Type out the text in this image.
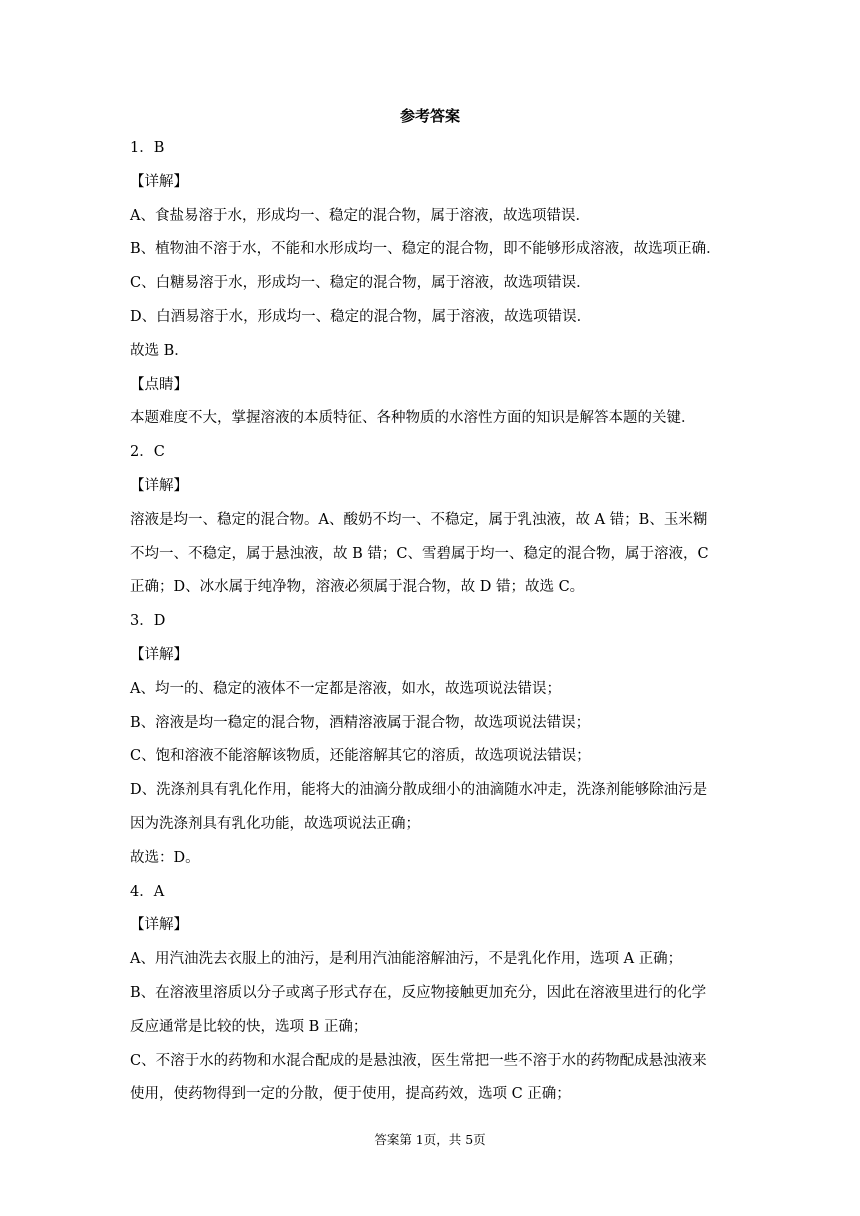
参考答案
1．B
【详解】
A、食盐易溶于水，形成均一、稳定的混合物，属于溶液，故选项错误．
B、植物油不溶于水，不能和水形成均一、稳定的混合物，即不能够形成溶液，故选项正确．
C、白糖易溶于水，形成均一、稳定的混合物，属于溶液，故选项错误．
D、白酒易溶于水，形成均一、稳定的混合物，属于溶液，故选项错误．
故选 B．
【点睛】
本题难度不大，掌握溶液的本质特征、各种物质的水溶性方面的知识是解答本题的关键．
2．C
【详解】
溶液是均一、稳定的混合物。A、酸奶不均一、不稳定，属于乳浊液，故 A 错；B、玉米糊
不均一、不稳定，属于悬浊液，故 B 错；C、雪碧属于均一、稳定的混合物，属于溶液，C
正确；D、冰水属于纯净物，溶液必须属于混合物，故 D 错；故选 C。
3．D
【详解】
A、均一的、稳定的液体不一定都是溶液，如水，故选项说法错误；
B、溶液是均一稳定的混合物，酒精溶液属于混合物，故选项说法错误；
C、饱和溶液不能溶解该物质，还能溶解其它的溶质，故选项说法错误；
D、洗涤剂具有乳化作用，能将大的油滴分散成细小的油滴随水冲走，洗涤剂能够除油污是
因为洗涤剂具有乳化功能，故选项说法正确；
故选：D。
4．A
【详解】
A、用汽油洗去衣服上的油污，是利用汽油能溶解油污，不是乳化作用，选项 A 正确；
B、在溶液里溶质以分子或离子形式存在，反应物接触更加充分，因此在溶液里进行的化学
反应通常是比较的快，选项 B 正确；
C、不溶于水的药物和水混合配成的是悬浊液，医生常把一些不溶于水的药物配成悬浊液来
使用，使药物得到一定的分散，便于使用，提高药效，选项 C 正确；
答案第 1页，共 5页
